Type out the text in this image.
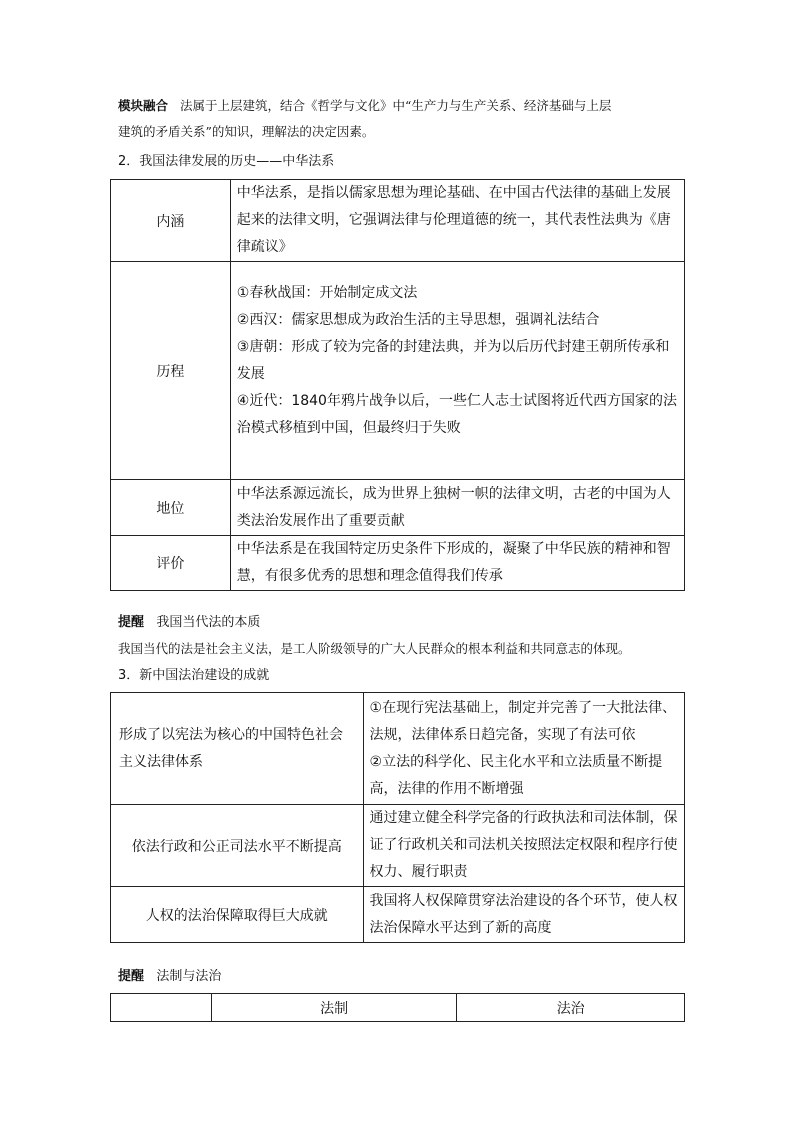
模块融合 法属于上层建筑，结合《哲学与文化》中“生产力与生产关系、经济基础与上层
建筑的矛盾关系”的知识，理解法的决定因素。
2．我国法律发展的历史——中华法系
内涵	中华法系，是指以儒家思想为理论基础、在中国古代法律的基础上发展起来的法律文明，它强调法律与伦理道德的统一，其代表性法典为《唐律疏议》
历程	①春秋战国：开始制定成文法
②西汉：儒家思想成为政治生活的主导思想，强调礼法结合
③唐朝：形成了较为完备的封建法典，并为以后历代封建王朝所传承和发展
④近代：1840年鸦片战争以后，一些仁人志士试图将近代西方国家的法治模式移植到中国，但最终归于失败

地位	中华法系源远流长，成为世界上独树一帜的法律文明，古老的中国为人类法治发展作出了重要贡献
评价	中华法系是在我国特定历史条件下形成的，凝聚了中华民族的精神和智慧，有很多优秀的思想和理念值得我们传承
提醒 我国当代法的本质
我国当代的法是社会主义法，是工人阶级领导的广大人民群众的根本利益和共同意志的体现。
3．新中国法治建设的成就
形成了以宪法为核心的中国特色社会主义法律体系	①在现行宪法基础上，制定并完善了一大批法律、法规，法律体系日趋完备，实现了有法可依
②立法的科学化、民主化水平和立法质量不断提高，法律的作用不断增强

依法行政和公正司法水平不断提高	通过建立健全科学完备的行政执法和司法体制，保证了行政机关和司法机关按照法定权限和程序行使权力、履行职责
人权的法治保障取得巨大成就	我国将人权保障贯穿法治建设的各个环节，使人权法治保障水平达到了新的高度
提醒 法制与法治
	法制	法治
